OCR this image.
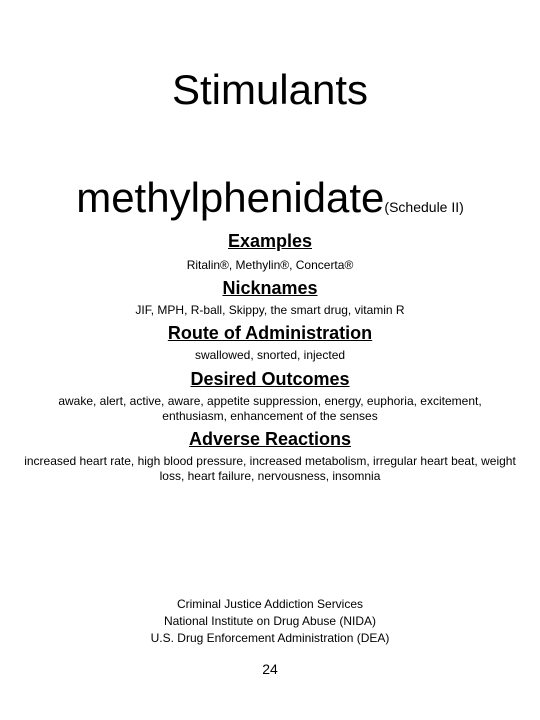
Stimulants
methylphenidate(Schedule II)
Examples
Ritalin®, Methylin®, Concerta®
Nicknames
JIF, MPH, R-ball, Skippy, the smart drug, vitamin R
Route of Administration
swallowed, snorted, injected
Desired Outcomes
awake, alert, active, aware, appetite suppression, energy, euphoria, excitement, enthusiasm, enhancement of the senses
Adverse Reactions
increased heart rate, high blood pressure, increased metabolism, irregular heart beat, weight loss, heart failure, nervousness, insomnia
Criminal Justice Addiction Services
National Institute on Drug Abuse (NIDA)
U.S. Drug Enforcement Administration (DEA)
24
